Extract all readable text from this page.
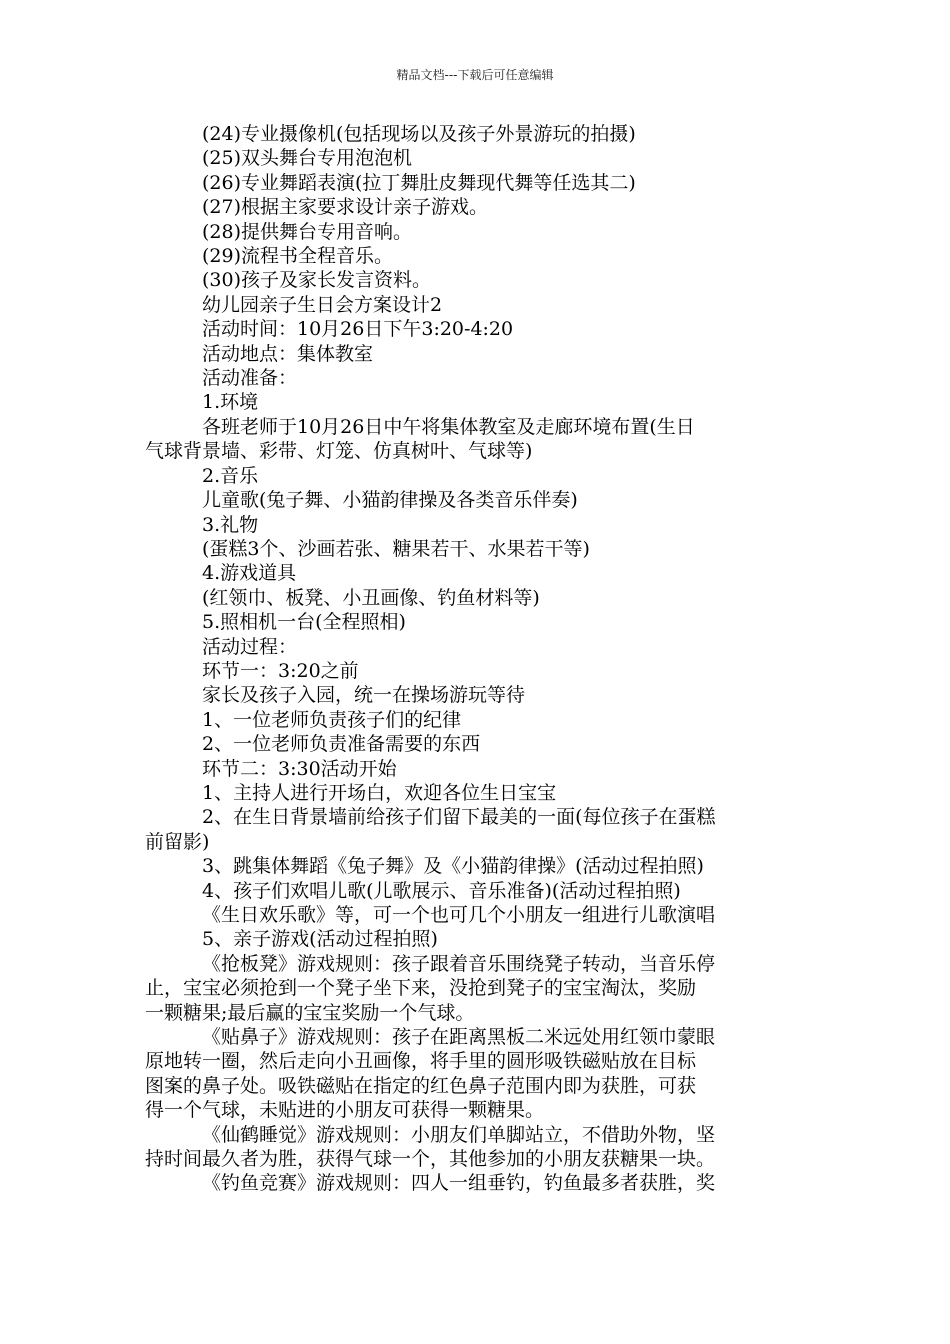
精品文档---下载后可任意编辑
(24)专业摄像机(包括现场以及孩子外景游玩的拍摄)
(25)双头舞台专用泡泡机
(26)专业舞蹈表演(拉丁舞肚皮舞现代舞等任选其二)
(27)根据主家要求设计亲子游戏。
(28)提供舞台专用音响。
(29)流程书全程音乐。
(30)孩子及家长发言资料。
幼儿园亲子生日会方案设计2
活动时间：10月26日下午3:20-4:20
活动地点：集体教室
活动准备：
1.环境
各班老师于10月26日中午将集体教室及走廊环境布置(生日
气球背景墙、彩带、灯笼、仿真树叶、气球等)
2.音乐
儿童歌(兔子舞、小猫韵律操及各类音乐伴奏)
3.礼物
(蛋糕3个、沙画若张、糖果若干、水果若干等)
4.游戏道具
(红领巾、板凳、小丑画像、钓鱼材料等)
5.照相机一台(全程照相)
活动过程：
环节一：3:20之前
家长及孩子入园，统一在操场游玩等待
1、一位老师负责孩子们的纪律
2、一位老师负责准备需要的东西
环节二：3:30活动开始
1、主持人进行开场白，欢迎各位生日宝宝
2、在生日背景墙前给孩子们留下最美的一面(每位孩子在蛋糕
前留影)
3、跳集体舞蹈《兔子舞》及《小猫韵律操》(活动过程拍照)
4、孩子们欢唱儿歌(儿歌展示、音乐准备)(活动过程拍照)
《生日欢乐歌》等，可一个也可几个小朋友一组进行儿歌演唱
5、亲子游戏(活动过程拍照)
《抢板凳》游戏规则：孩子跟着音乐围绕凳子转动，当音乐停
止，宝宝必须抢到一个凳子坐下来，没抢到凳子的宝宝淘汰，奖励
一颗糖果;最后赢的宝宝奖励一个气球。
《贴鼻子》游戏规则：孩子在距离黑板二米远处用红领巾蒙眼
原地转一圈，然后走向小丑画像，将手里的圆形吸铁磁贴放在目标
图案的鼻子处。吸铁磁贴在指定的红色鼻子范围内即为获胜，可获
得一个气球，未贴进的小朋友可获得一颗糖果。
《仙鹤睡觉》游戏规则：小朋友们单脚站立，不借助外物，坚
持时间最久者为胜，获得气球一个，其他参加的小朋友获糖果一块。
《钓鱼竞赛》游戏规则：四人一组垂钓，钓鱼最多者获胜，奖
